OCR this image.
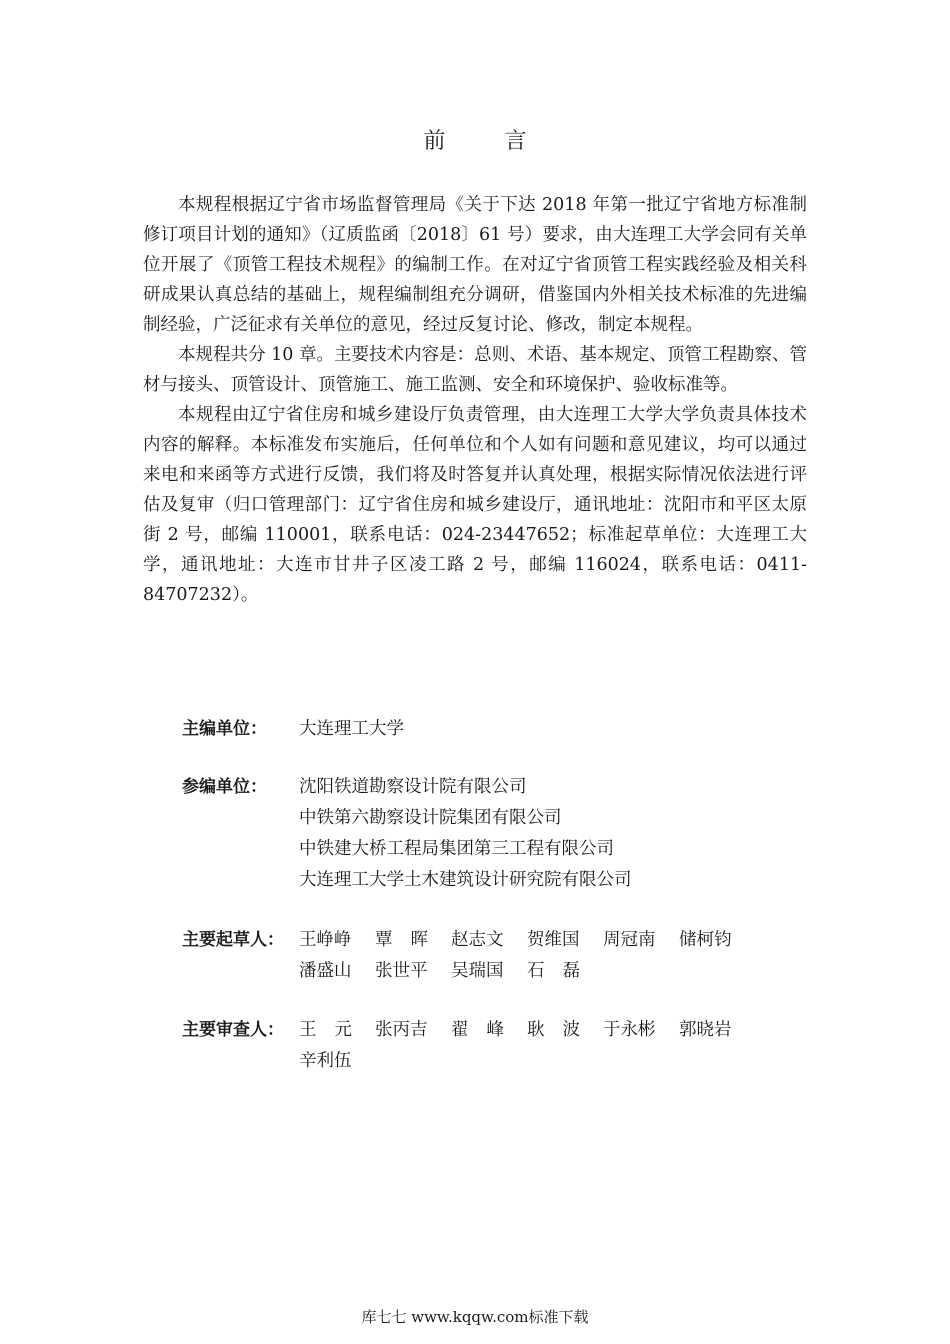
前 言

本规程根据辽宁省市场监督管理局《关于下达 2018 年第一批辽宁省地方标准制修订项目计划的通知》（辽质监函〔2018〕61 号）要求，由大连理工大学会同有关单位开展了《顶管工程技术规程》的编制工作。在对辽宁省顶管工程实践经验及相关科研成果认真总结的基础上，规程编制组充分调研，借鉴国内外相关技术标准的先进编制经验，广泛征求有关单位的意见，经过反复讨论、修改，制定本规程。

本规程共分 10 章。主要技术内容是：总则、术语、基本规定、顶管工程勘察、管材与接头、顶管设计、顶管施工、施工监测、安全和环境保护、验收标准等。

本规程由辽宁省住房和城乡建设厅负责管理，由大连理工大学大学负责具体技术内容的解释。本标准发布实施后，任何单位和个人如有问题和意见建议，均可以通过来电和来函等方式进行反馈，我们将及时答复并认真处理，根据实际情况依法进行评估及复审（归口管理部门：辽宁省住房和城乡建设厅，通讯地址：沈阳市和平区太原街 2 号，邮编 110001，联系电话：024-23447652；标准起草单位：大连理工大学，通讯地址：大连市甘井子区凌工路 2 号，邮编 116024，联系电话：0411-84707232）。

主编单位： 大连理工大学
参编单位： 沈阳铁道勘察设计院有限公司
中铁第六勘察设计院集团有限公司
中铁建大桥工程局集团第三工程有限公司
大连理工大学土木建筑设计研究院有限公司
主要起草人： 王峥峥	覃晖 赵志文	贺维国	周冠南	储柯钧
潘盛山	张世平	吴瑞国	石磊
主要审查人： 王元 张丙吉	翟峰 耿波 于永彬	郭晓岩
辛利伍
库七七 www.kqqw.com标准下载
